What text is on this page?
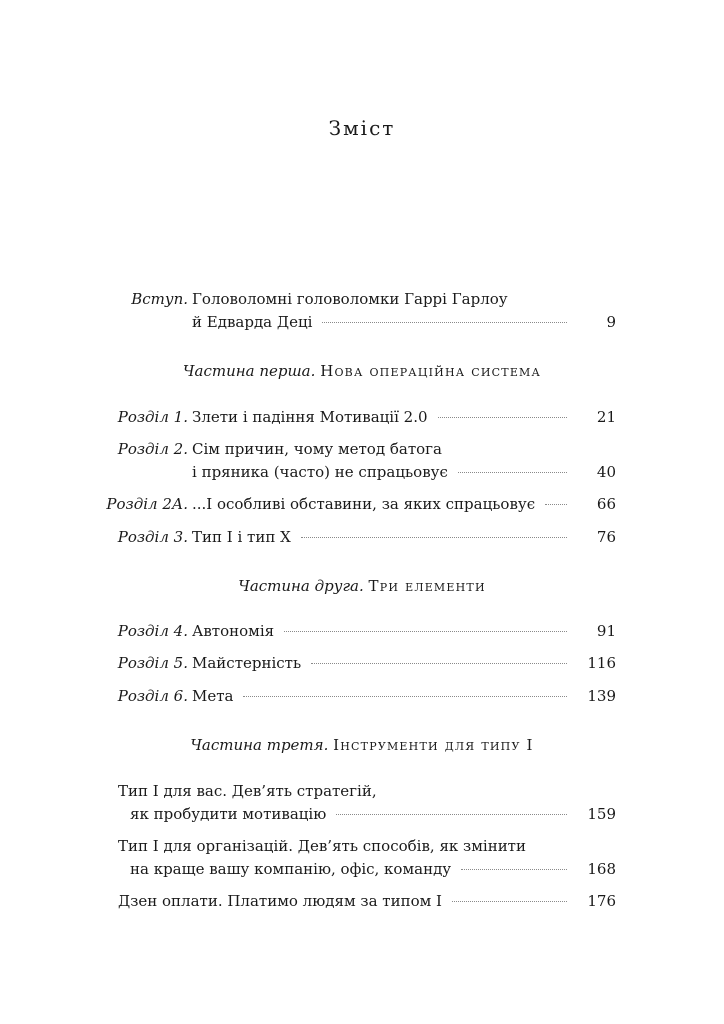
Зміст
Вступ. Головоломні головоломки Гаррі Гарлоу
й Едварда Деці	9
Частина перша. Нова операційна система
Розділ 1. Злети і падіння Мотивації 2.0	21
Розділ 2. Сім причин, чому метод батога
і пряника (часто) не спрацьовує	40
Розділ 2А. ...І особливі обставини, за яких спрацьовує	66
Розділ 3. Тип І і тип Х	76
Частина друга. Три елементи
Розділ 4. Автономія	91
Розділ 5. Майстерність	116
Розділ 6. Мета	139
Частина третя. Інструменти для типу І
Тип І для вас. Дев’ять стратегій,
як пробудити мотивацію	159
Тип І для організацій. Дев’ять способів, як змінити
на краще вашу компанію, офіс, команду	168
Дзен оплати. Платимо людям за типом І	176
